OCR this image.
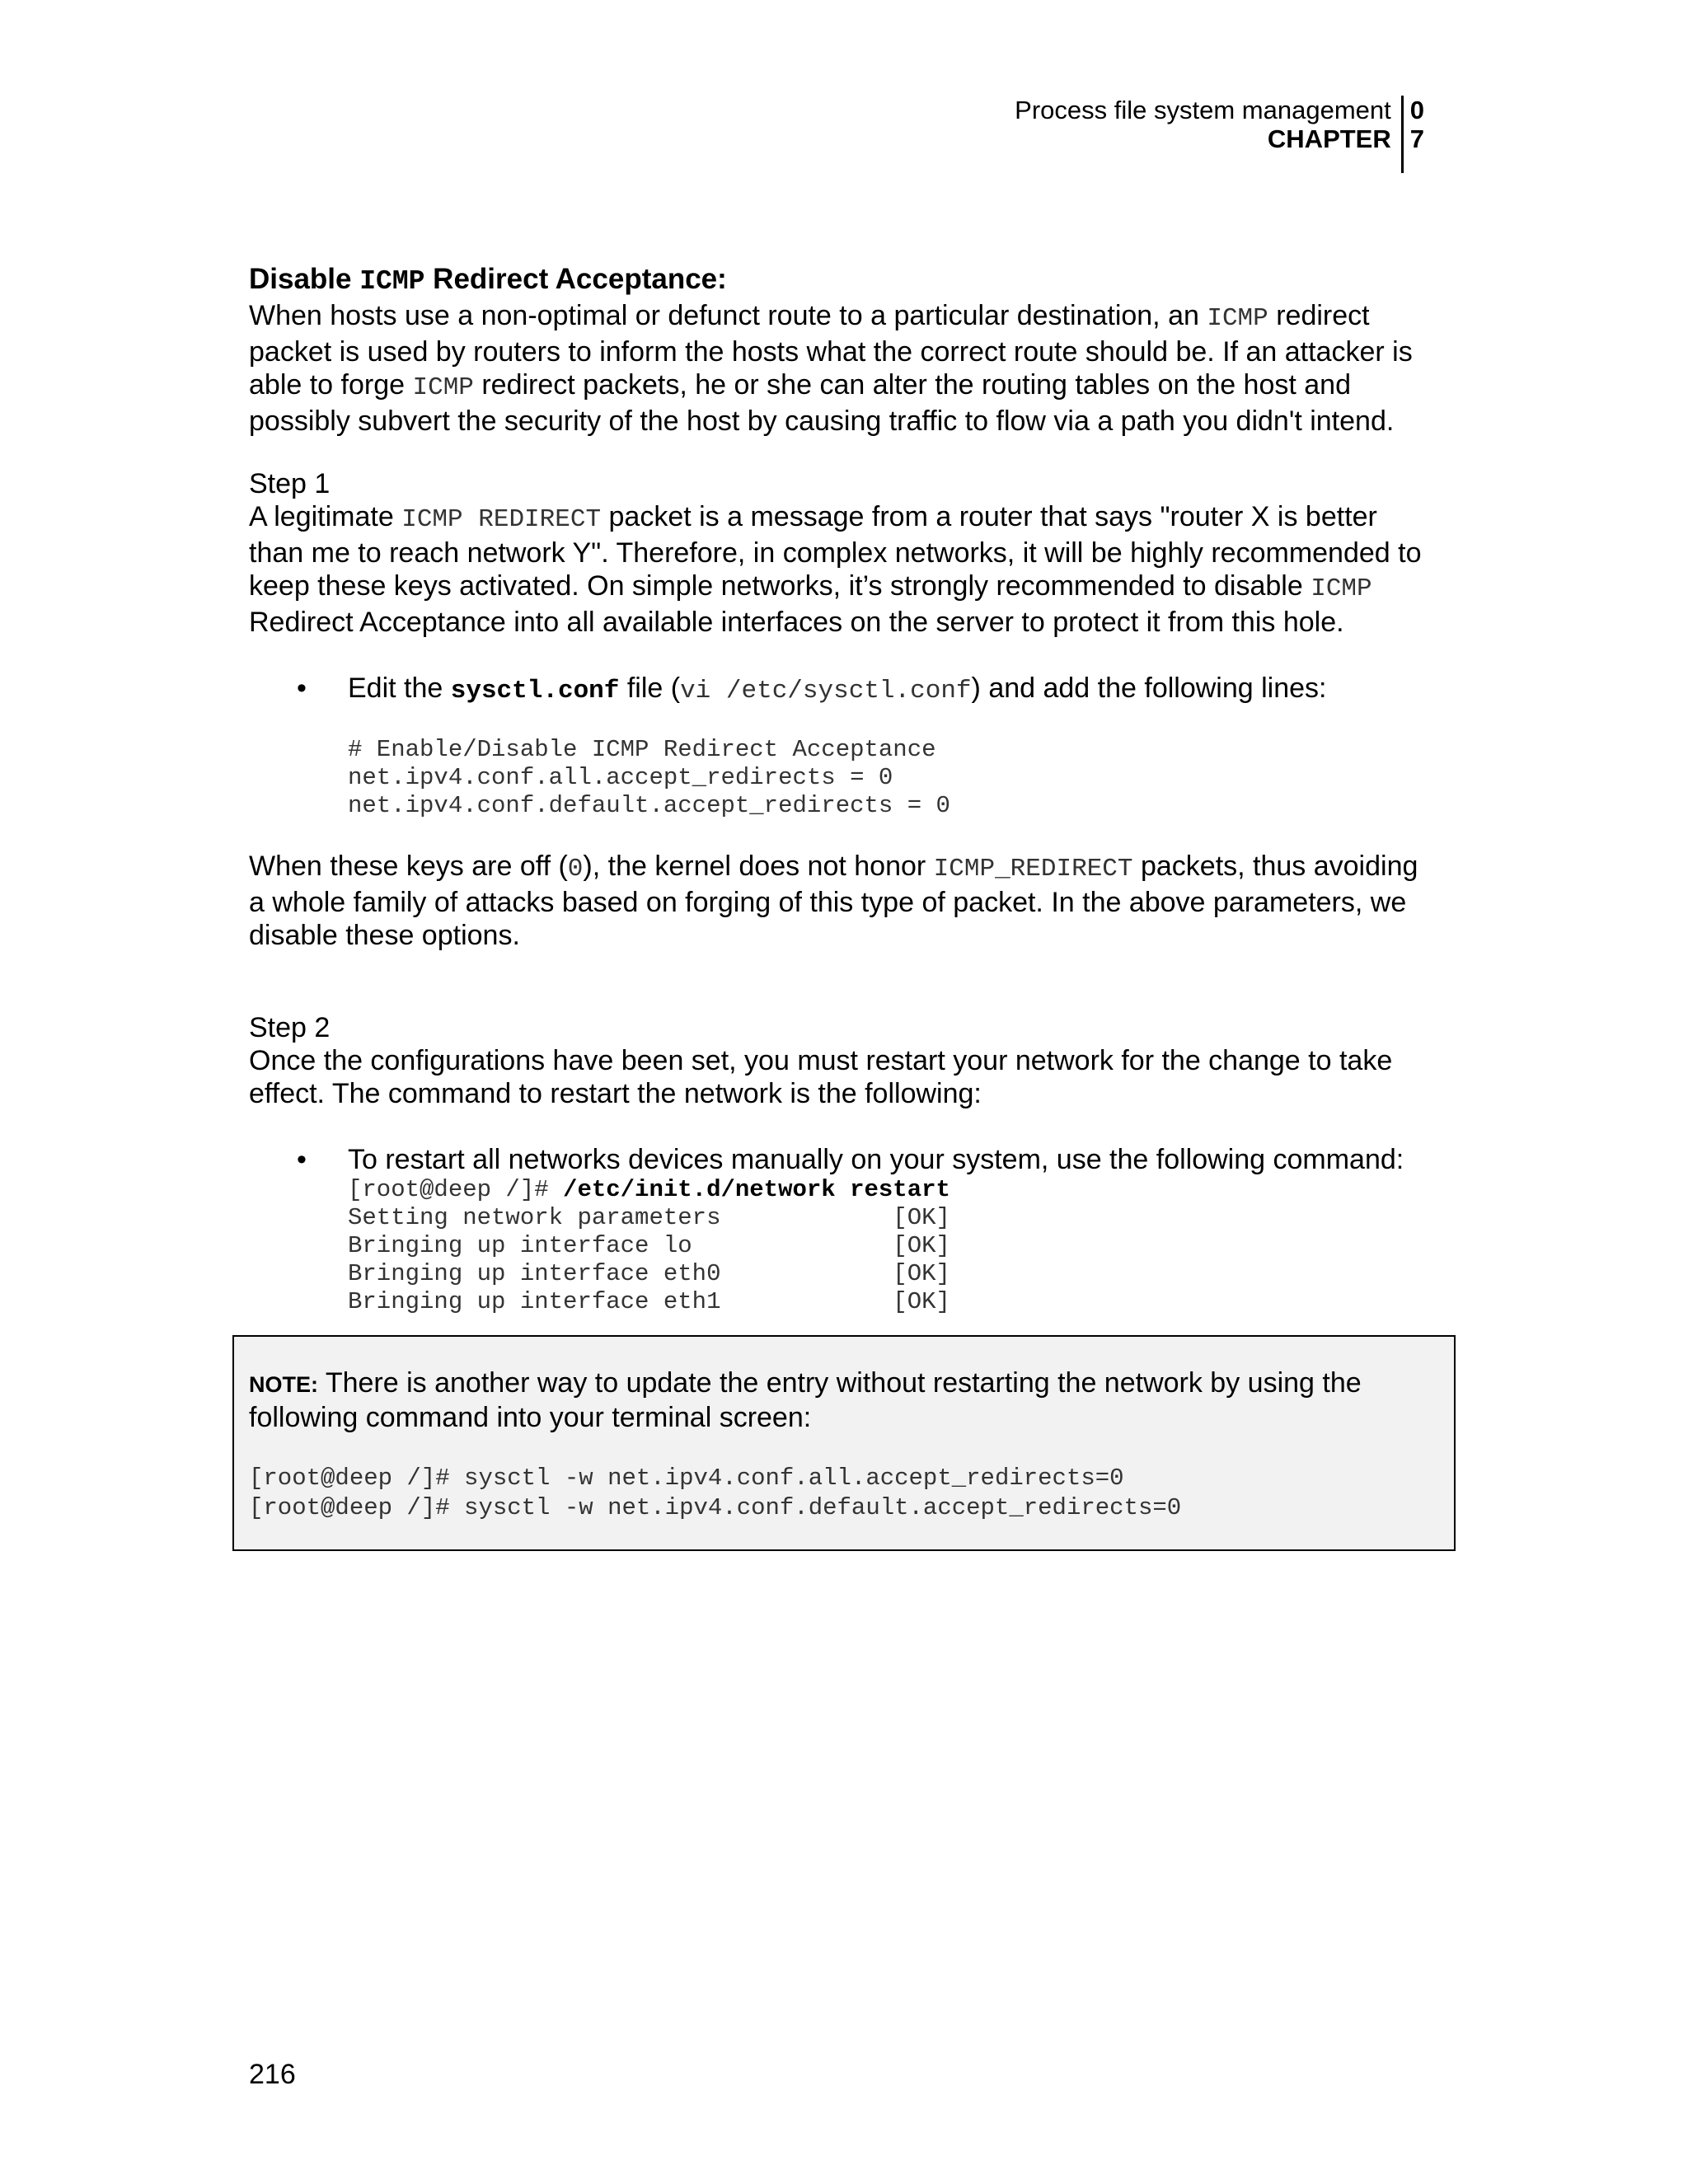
Process file system management
CHAPTER
0
7
Disable ICMP Redirect Acceptance:

When hosts use a non-optimal or defunct route to a particular destination, an ICMP redirect packet is used by routers to inform the hosts what the correct route should be. If an attacker is able to forge ICMP redirect packets, he or she can alter the routing tables on the host and possibly subvert the security of the host by causing traffic to flow via a path you didn't intend.

Step 1

A legitimate ICMP REDIRECT packet is a message from a router that says "router X is better than me to reach network Y". Therefore, in complex networks, it will be highly recommended to keep these keys activated. On simple networks, it’s strongly recommended to disable ICMP Redirect Acceptance into all available interfaces on the server to protect it from this hole.

• Edit the sysctl.conf file (vi /etc/sysctl.conf) and add the following lines:
# Enable/Disable ICMP Redirect Acceptance
net.ipv4.conf.all.accept_redirects = 0
net.ipv4.conf.default.accept_redirects = 0

When these keys are off (0), the kernel does not honor ICMP_REDIRECT packets, thus avoiding a whole family of attacks based on forging of this type of packet. In the above parameters, we disable these options.

Step 2

Once the configurations have been set, you must restart your network for the change to take effect. The command to restart the network is the following:

• To restart all networks devices manually on your system, use the following command:
[root@deep /]# /etc/init.d/network restart
Setting network parameters            [OK]
Bringing up interface lo              [OK]
Bringing up interface eth0            [OK]
Bringing up interface eth1            [OK]

NOTE: There is another way to update the entry without restarting the network by using the following command into your terminal screen:

[root@deep /]# sysctl -w net.ipv4.conf.all.accept_redirects=0
[root@deep /]# sysctl -w net.ipv4.conf.default.accept_redirects=0
216
